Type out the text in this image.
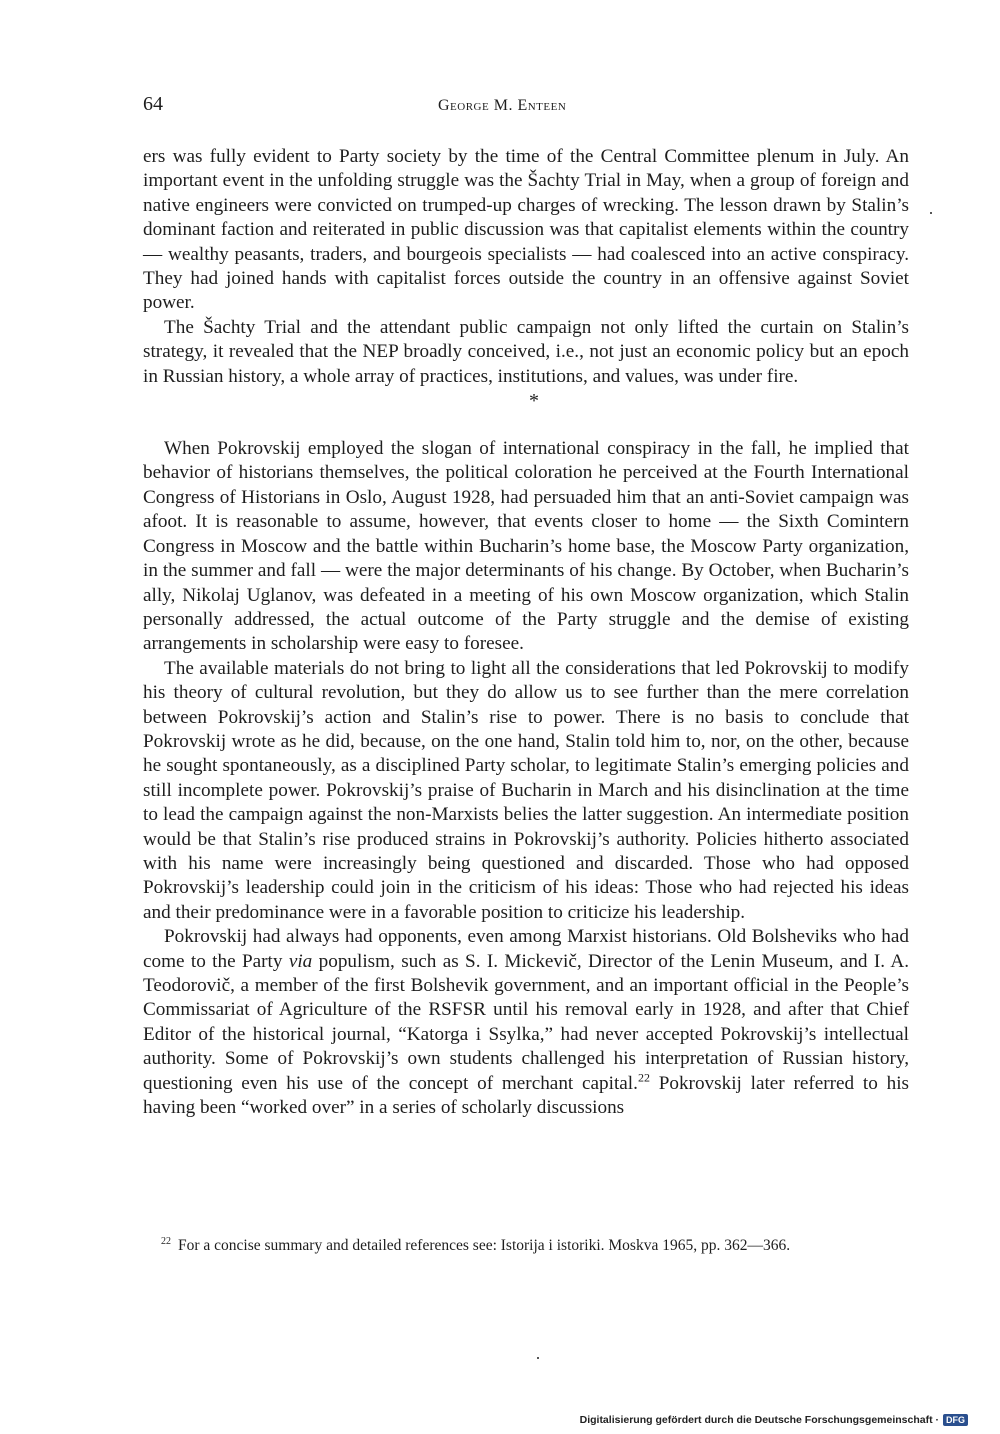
64	George M. Enteen

ers was fully evident to Party society by the time of the Central Committee plenum in July. An important event in the unfolding struggle was the Šachty Trial in May, when a group of foreign and native engineers were convicted on trumped-up charges of wrecking. The lesson drawn by Stalin’s dominant faction and reiterated in public discussion was that capitalist elements within the country — wealthy peasants, traders, and bourgeois specialists — had coalesced into an active conspiracy. They had joined hands with capitalist forces outside the country in an offensive against Soviet power.

The Šachty Trial and the attendant public campaign not only lifted the curtain on Stalin’s strategy, it revealed that the NEP broadly conceived, i.e., not just an economic policy but an epoch in Russian history, a whole array of practices, institutions, and values, was under fire.

*

When Pokrovskij employed the slogan of international conspiracy in the fall, he implied that behavior of historians themselves, the political coloration he perceived at the Fourth International Congress of Historians in Oslo, August 1928, had persuaded him that an anti-Soviet campaign was afoot. It is reasonable to assume, however, that events closer to home — the Sixth Comintern Congress in Moscow and the battle within Bucharin’s home base, the Moscow Party organization, in the summer and fall — were the major determinants of his change. By October, when Bucharin’s ally, Nikolaj Uglanov, was defeated in a meeting of his own Moscow organization, which Stalin personally addressed, the actual outcome of the Party struggle and the demise of existing arrangements in scholarship were easy to foresee.

The available materials do not bring to light all the considerations that led Pokrovskij to modify his theory of cultural revolution, but they do allow us to see further than the mere correlation between Pokrovskij’s action and Stalin’s rise to power. There is no basis to conclude that Pokrovskij wrote as he did, because, on the one hand, Stalin told him to, nor, on the other, because he sought spontaneously, as a disciplined Party scholar, to legitimate Stalin’s emerging policies and still incomplete power. Pokrovskij’s praise of Bucharin in March and his disinclination at the time to lead the campaign against the non-Marxists belies the latter suggestion. An intermediate position would be that Stalin’s rise produced strains in Pokrovskij’s authority. Policies hitherto associated with his name were increasingly being questioned and discarded. Those who had opposed Pokrovskij’s leadership could join in the criticism of his ideas: Those who had rejected his ideas and their predominance were in a favorable position to criticize his leadership.

Pokrovskij had always had opponents, even among Marxist historians. Old Bolsheviks who had come to the Party via populism, such as S. I. Mickevič, Director of the Lenin Museum, and I. A. Teodorovič, a member of the first Bolshevik government, and an important official in the People’s Commissariat of Agriculture of the RSFSR until his removal early in 1928, and after that Chief Editor of the historical journal, “Katorga i Ssylka,” had never accepted Pokrovskij’s intellectual authority. Some of Pokrovskij’s own students challenged his interpretation of Russian history, questioning even his use of the concept of merchant capital.$^{22}$ Pokrovskij later referred to his having been “worked over” in a series of scholarly discussions

$^{22}$ For a concise summary and detailed references see: Istorija i istoriki. Moskva 1965, pp. 362—366.
Digitalisierung gefördert durch die Deutsche Forschungsgemeinschaft · DFG
